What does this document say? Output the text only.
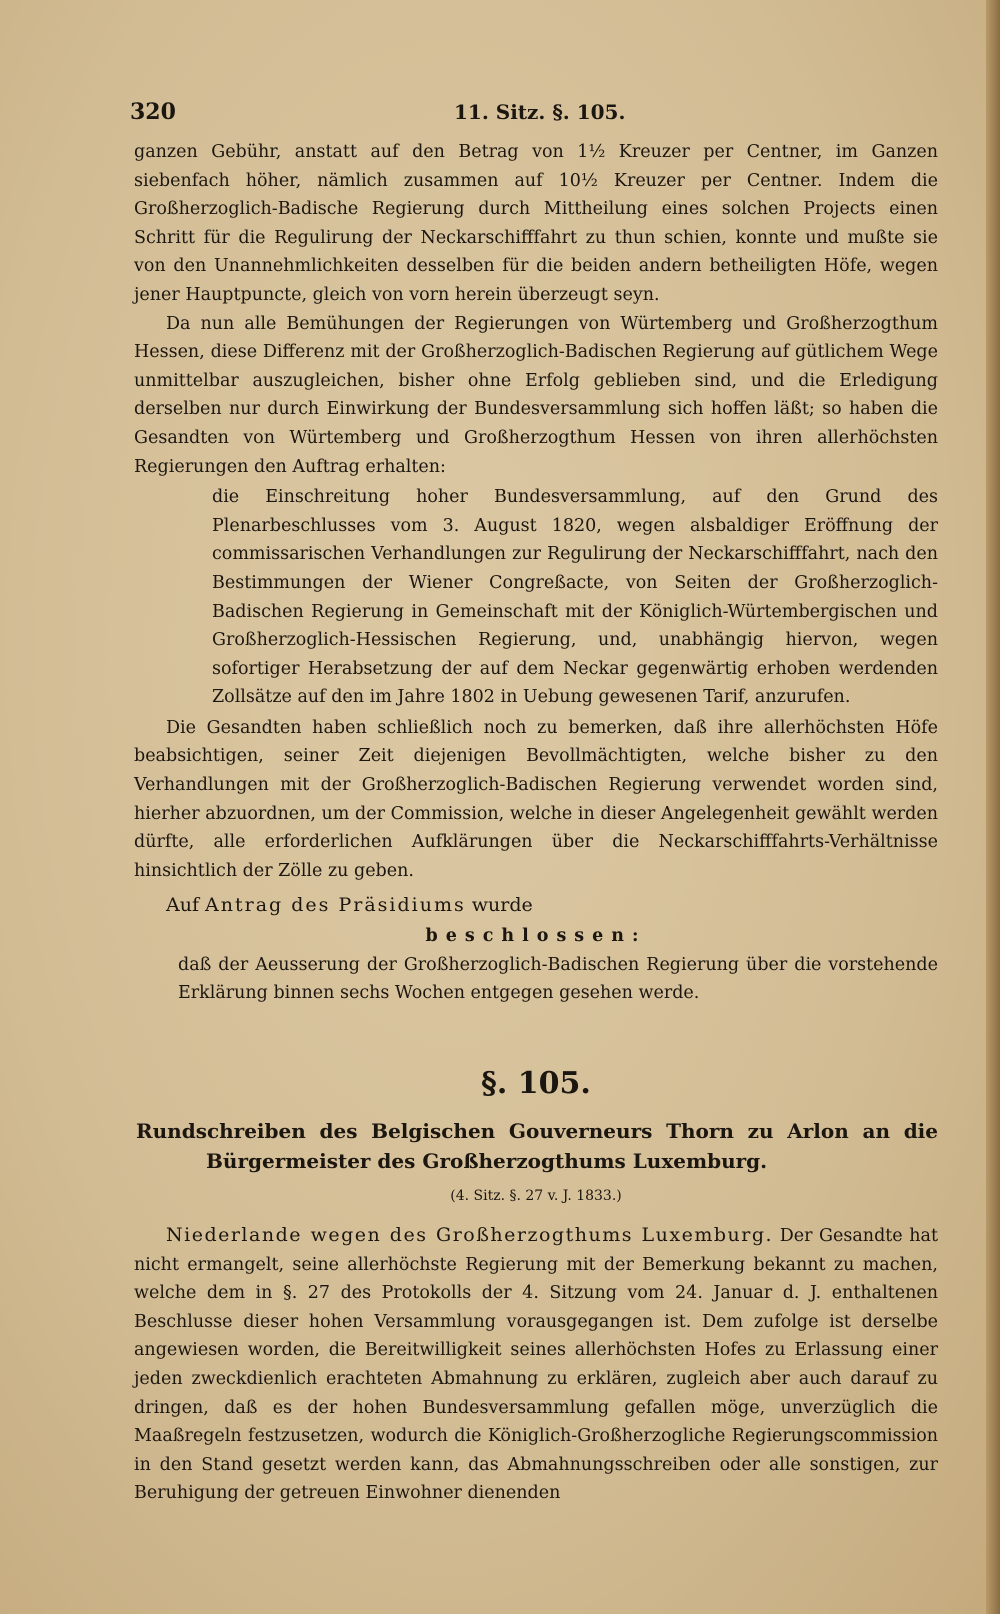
320	11. Sitz. §. 105.

ganzen Gebühr, anstatt auf den Betrag von 1½ Kreuzer per Centner, im Ganzen siebenfach höher, nämlich zusammen auf 10½ Kreuzer per Centner. Indem die Großherzoglich-Badische Regierung durch Mittheilung eines solchen Projects einen Schritt für die Regulirung der Neckarschifffahrt zu thun schien, konnte und mußte sie von den Unannehmlichkeiten desselben für die beiden andern betheiligten Höfe, wegen jener Hauptpuncte, gleich von vorn herein überzeugt seyn.

Da nun alle Bemühungen der Regierungen von Würtemberg und Großherzogthum Hessen, diese Differenz mit der Großherzoglich-Badischen Regierung auf gütlichem Wege unmittelbar auszugleichen, bisher ohne Erfolg geblieben sind, und die Erledigung derselben nur durch Einwirkung der Bundesversammlung sich hoffen läßt; so haben die Gesandten von Würtemberg und Großherzogthum Hessen von ihren allerhöchsten Regierungen den Auftrag erhalten:

die Einschreitung hoher Bundesversammlung, auf den Grund des Plenarbeschlusses vom 3. August 1820, wegen alsbaldiger Eröffnung der commissarischen Verhandlungen zur Regulirung der Neckarschifffahrt, nach den Bestimmungen der Wiener Congreßacte, von Seiten der Großherzoglich-Badischen Regierung in Gemeinschaft mit der Königlich-Würtembergischen und Großherzoglich-Hessischen Regierung, und, unabhängig hiervon, wegen sofortiger Herabsetzung der auf dem Neckar gegenwärtig erhoben werdenden Zollsätze auf den im Jahre 1802 in Uebung gewesenen Tarif, anzurufen.

Die Gesandten haben schließlich noch zu bemerken, daß ihre allerhöchsten Höfe beabsichtigen, seiner Zeit diejenigen Bevollmächtigten, welche bisher zu den Verhandlungen mit der Großherzoglich-Badischen Regierung verwendet worden sind, hierher abzuordnen, um der Commission, welche in dieser Angelegenheit gewählt werden dürfte, alle erforderlichen Aufklärungen über die Neckarschifffahrts-Verhältnisse hinsichtlich der Zölle zu geben.

Auf Antrag des Präsidiums wurde

beschlossen:

daß der Aeusserung der Großherzoglich-Badischen Regierung über die vorstehende Erklärung binnen sechs Wochen entgegen gesehen werde.

§. 105.
Rundschreiben des Belgischen Gouverneurs Thorn zu Arlon an die Bürgermeister des Großherzogthums Luxemburg.
(4. Sitz. §. 27 v. J. 1833.)

Niederlande wegen des Großherzogthums Luxemburg. Der Gesandte hat nicht ermangelt, seine allerhöchste Regierung mit der Bemerkung bekannt zu machen, welche dem in §. 27 des Protokolls der 4. Sitzung vom 24. Januar d. J. enthaltenen Beschlusse dieser hohen Versammlung vorausgegangen ist. Dem zufolge ist derselbe angewiesen worden, die Bereitwilligkeit seines allerhöchsten Hofes zu Erlassung einer jeden zweckdienlich erachteten Abmahnung zu erklären, zugleich aber auch darauf zu dringen, daß es der hohen Bundesversammlung gefallen möge, unverzüglich die Maaßregeln festzusetzen, wodurch die Königlich-Großherzogliche Regierungscommission in den Stand gesetzt werden kann, das Abmahnungsschreiben oder alle sonstigen, zur Beruhigung der getreuen Einwohner dienenden
